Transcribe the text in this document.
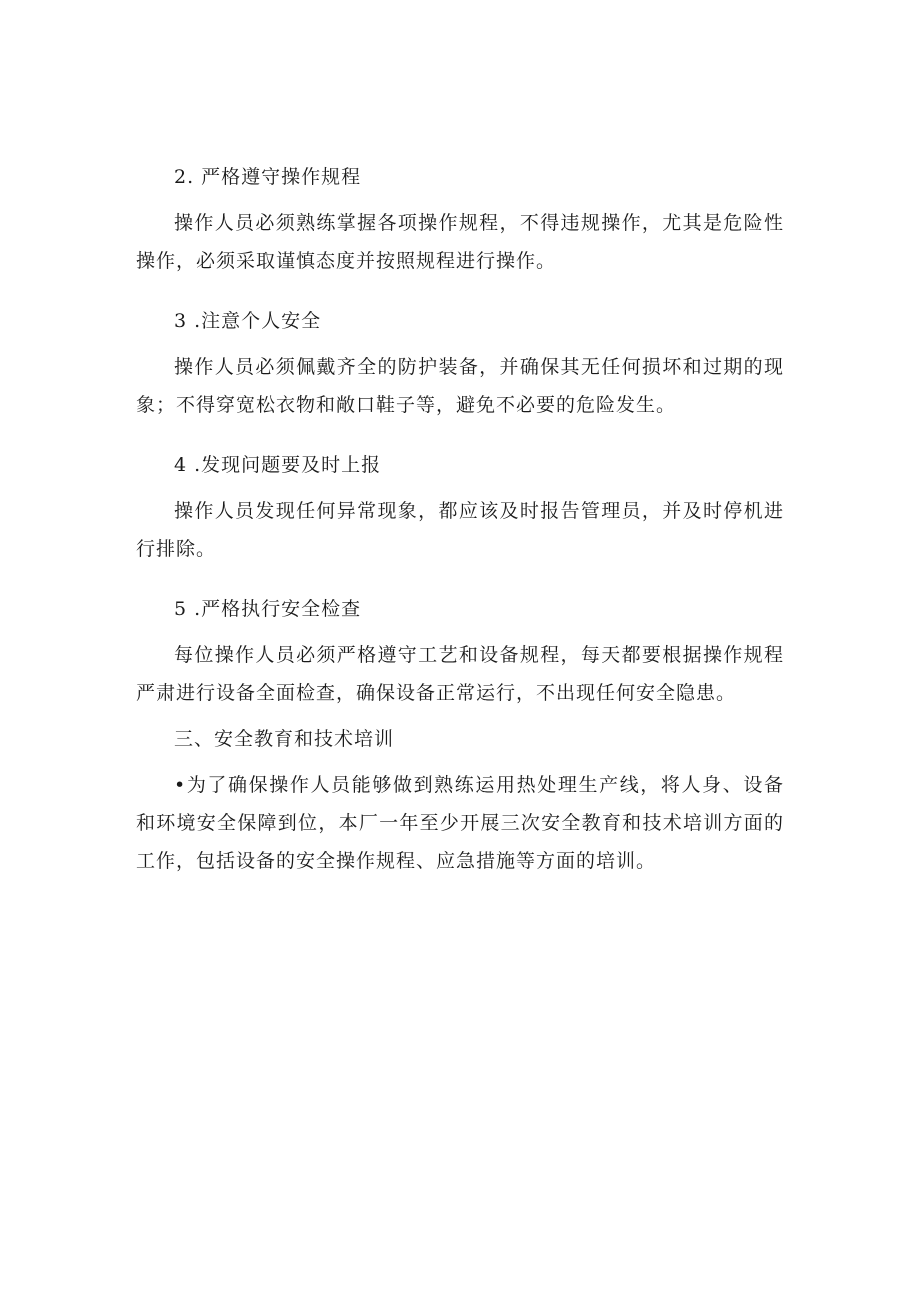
2. 严格遵守操作规程

操作人员必须熟练掌握各项操作规程，不得违规操作，尤其是危险性操作，必须采取谨慎态度并按照规程进行操作。

3 .注意个人安全

操作人员必须佩戴齐全的防护装备，并确保其无任何损坏和过期的现象；不得穿宽松衣物和敞口鞋子等，避免不必要的危险发生。

4 .发现问题要及时上报

操作人员发现任何异常现象，都应该及时报告管理员，并及时停机进行排除。

5 .严格执行安全检查

每位操作人员必须严格遵守工艺和设备规程，每天都要根据操作规程严肃进行设备全面检查，确保设备正常运行，不出现任何安全隐患。

三、安全教育和技术培训

•为了确保操作人员能够做到熟练运用热处理生产线，将人身、设备和环境安全保障到位，本厂一年至少开展三次安全教育和技术培训方面的工作，包括设备的安全操作规程、应急措施等方面的培训。
